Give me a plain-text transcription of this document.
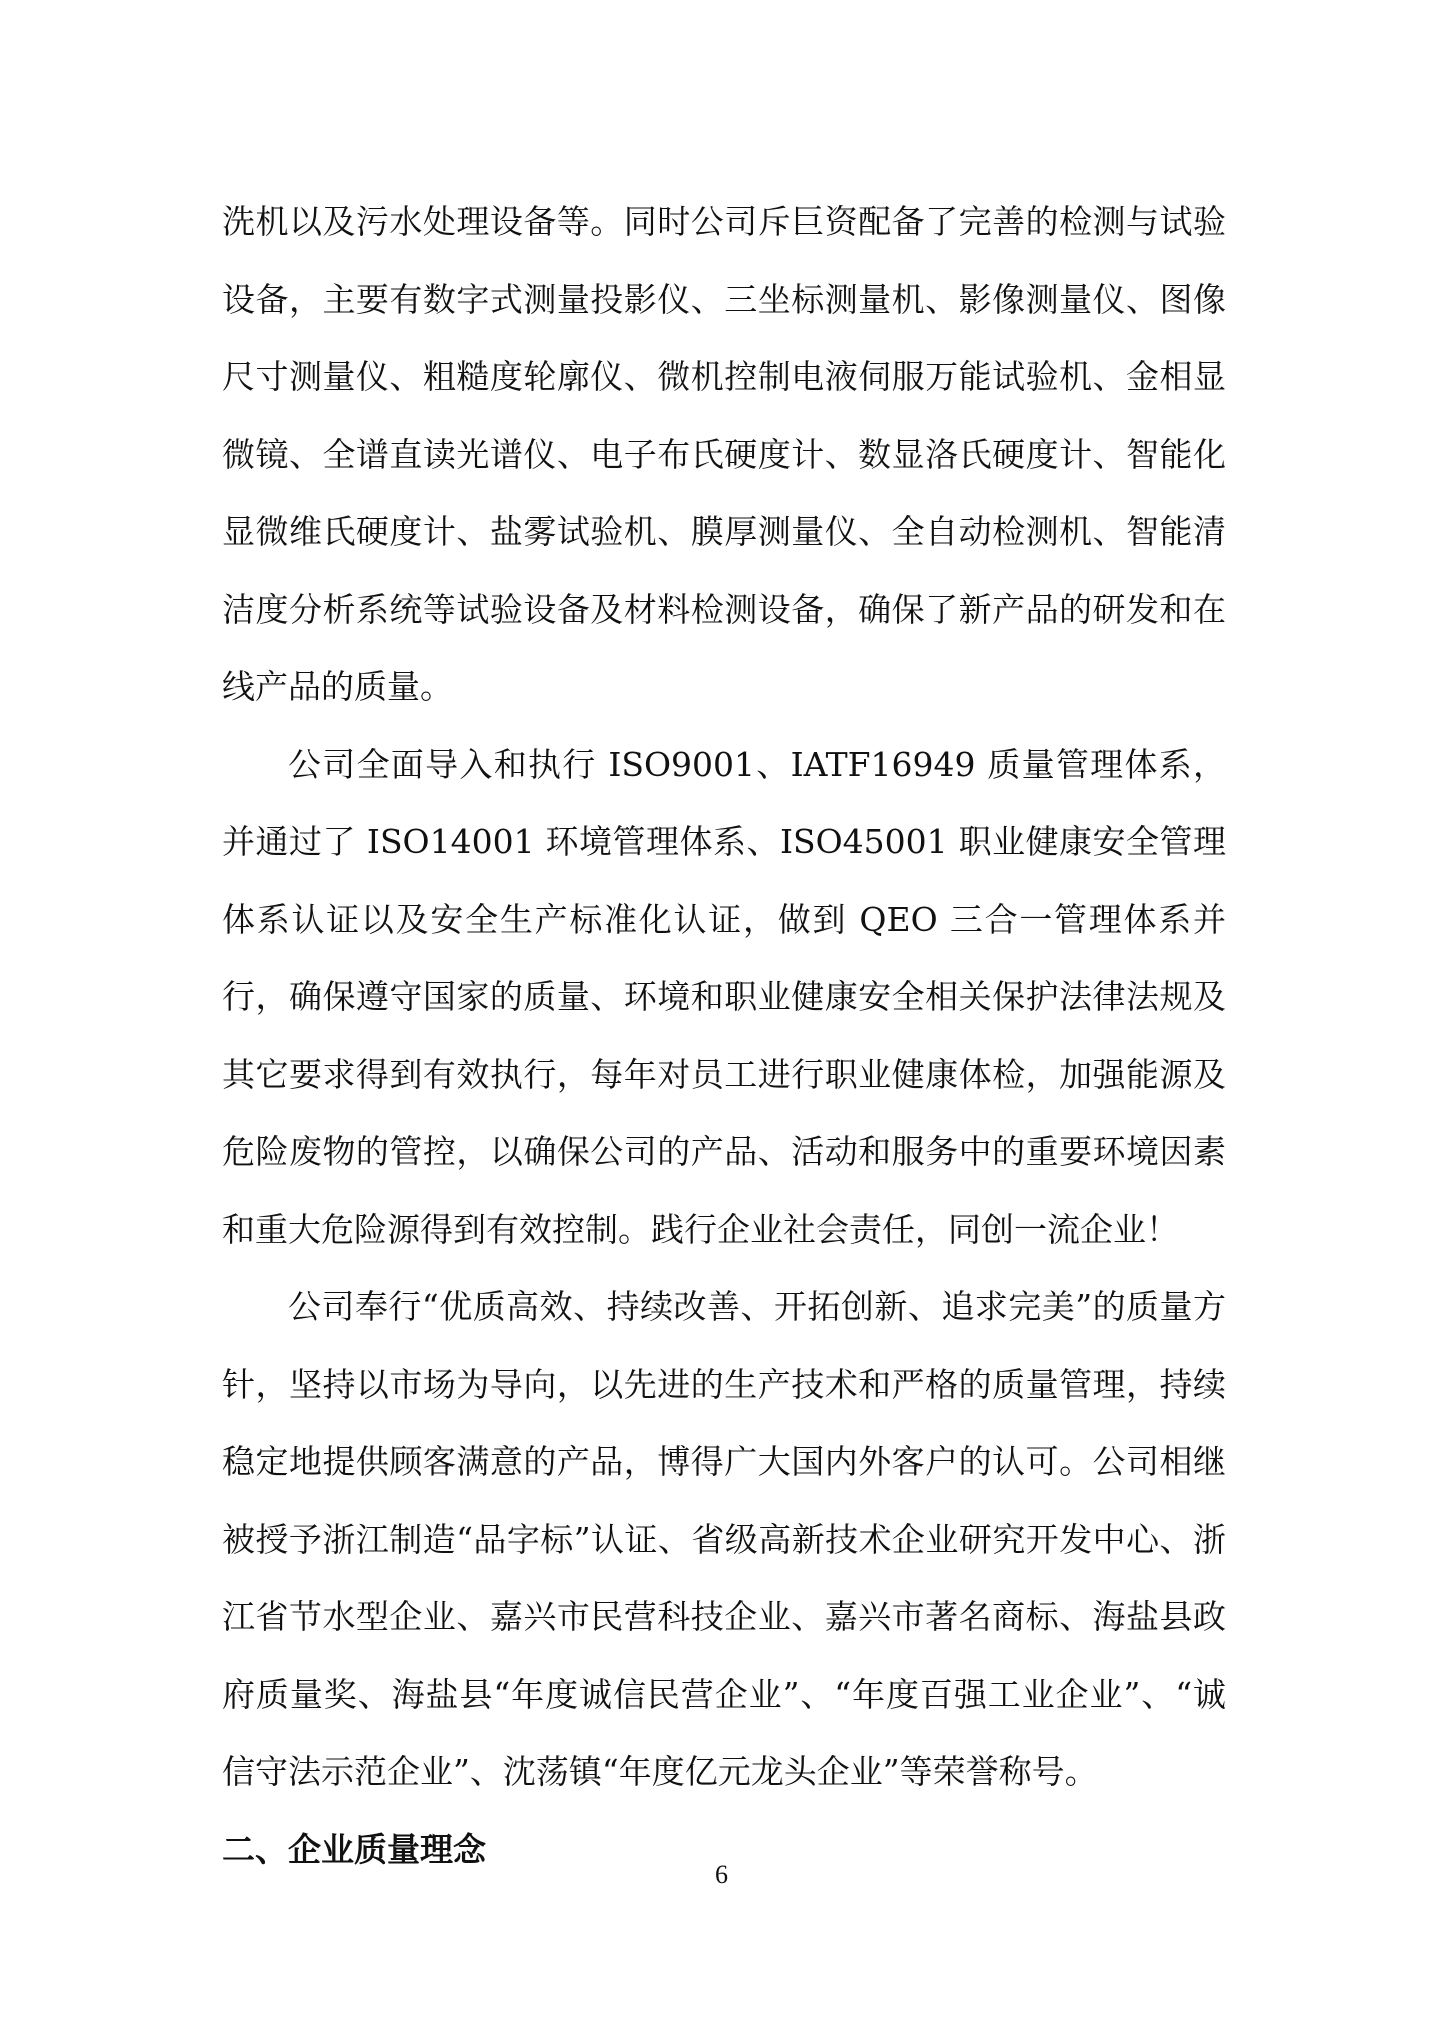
洗机以及污水处理设备等。同时公司斥巨资配备了完善的检测与试验设备，主要有数字式测量投影仪、三坐标测量机、影像测量仪、图像尺寸测量仪、粗糙度轮廓仪、微机控制电液伺服万能试验机、金相显微镜、全谱直读光谱仪、电子布氏硬度计、数显洛氏硬度计、智能化显微维氏硬度计、盐雾试验机、膜厚测量仪、全自动检测机、智能清洁度分析系统等试验设备及材料检测设备，确保了新产品的研发和在线产品的质量。

公司全面导入和执行 ISO9001、IATF16949 质量管理体系，并通过了 ISO14001 环境管理体系、ISO45001 职业健康安全管理体系认证以及安全生产标准化认证，做到 QEO 三合一管理体系并行，确保遵守国家的质量、环境和职业健康安全相关保护法律法规及其它要求得到有效执行，每年对员工进行职业健康体检，加强能源及危险废物的管控，以确保公司的产品、活动和服务中的重要环境因素和重大危险源得到有效控制。践行企业社会责任，同创一流企业！

公司奉行“优质高效、持续改善、开拓创新、追求完美”的质量方针，坚持以市场为导向，以先进的生产技术和严格的质量管理，持续稳定地提供顾客满意的产品，博得广大国内外客户的认可。公司相继被授予浙江制造“品字标”认证、省级高新技术企业研究开发中心、浙江省节水型企业、嘉兴市民营科技企业、嘉兴市著名商标、海盐县政府质量奖、海盐县“年度诚信民营企业”、“年度百强工业企业”、“诚信守法示范企业”、沈荡镇“年度亿元龙头企业”等荣誉称号。

二、企业质量理念
6
